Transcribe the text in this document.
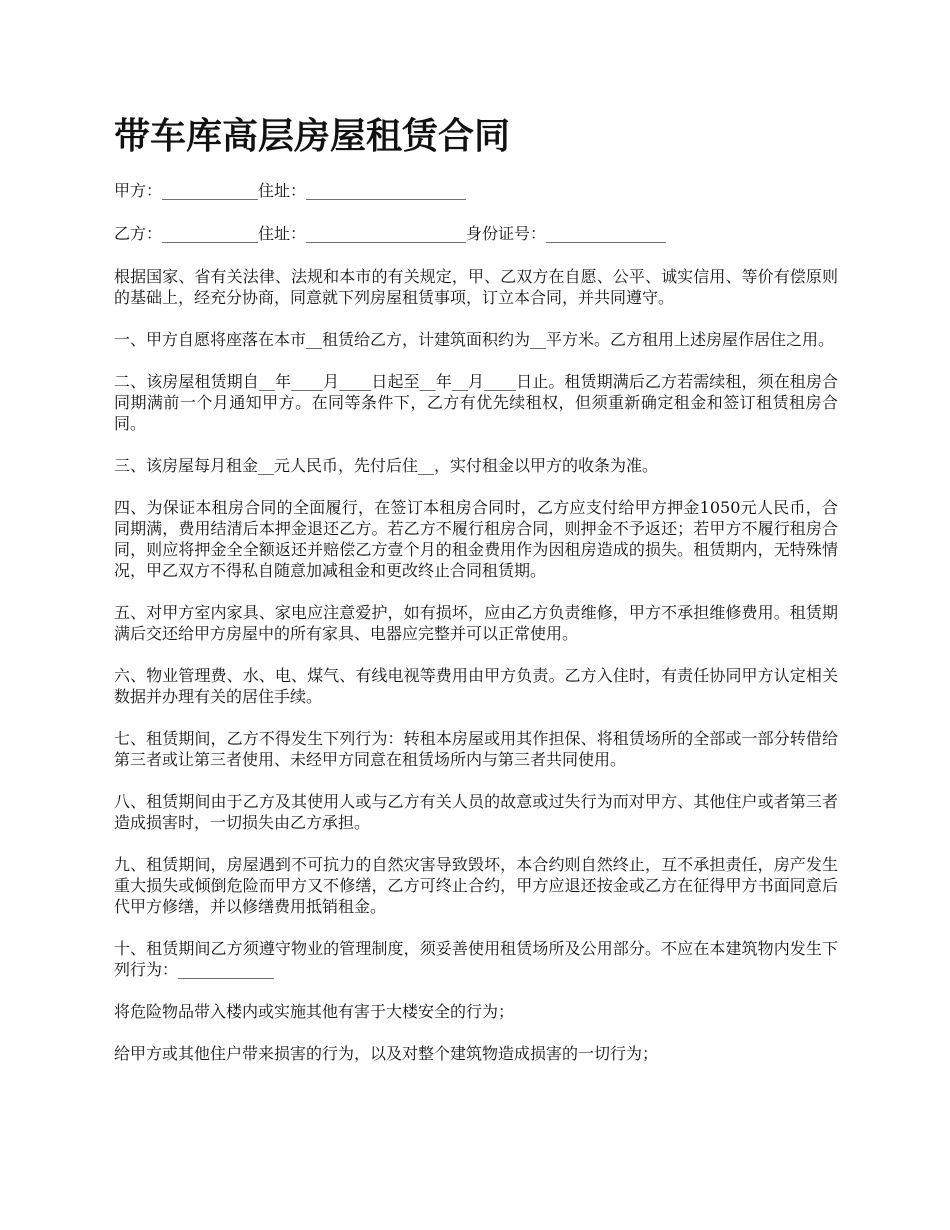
带车库高层房屋租赁合同
甲方：____________住址：____________________
乙方：____________住址：____________________身份证号：_______________

根据国家、省有关法律、法规和本市的有关规定，甲、乙双方在自愿、公平、诚实信用、等价有偿原则的基础上，经充分协商，同意就下列房屋租赁事项，订立本合同，并共同遵守。

一、甲方自愿将座落在本市__租赁给乙方，计建筑面积约为__平方米。乙方租用上述房屋作居住之用。

二、该房屋租赁期自__年____月____日起至__年__月____日止。租赁期满后乙方若需续租，须在租房合同期满前一个月通知甲方。在同等条件下，乙方有优先续租权，但须重新确定租金和签订租赁租房合同。

三、该房屋每月租金__元人民币，先付后住__，实付租金以甲方的收条为准。

四、为保证本租房合同的全面履行，在签订本租房合同时，乙方应支付给甲方押金1050元人民币，合同期满，费用结清后本押金退还乙方。若乙方不履行租房合同，则押金不予返还；若甲方不履行租房合同，则应将押金全全额返还并赔偿乙方壹个月的租金费用作为因租房造成的损失。租赁期内，无特殊情况，甲乙双方不得私自随意加减租金和更改终止合同租赁期。

五、对甲方室内家具、家电应注意爱护，如有损坏，应由乙方负责维修，甲方不承担维修费用。租赁期满后交还给甲方房屋中的所有家具、电器应完整并可以正常使用。

六、物业管理费、水、电、煤气、有线电视等费用由甲方负责。乙方入住时，有责任协同甲方认定相关数据并办理有关的居住手续。

七、租赁期间，乙方不得发生下列行为：转租本房屋或用其作担保、将租赁场所的全部或一部分转借给第三者或让第三者使用、未经甲方同意在租赁场所内与第三者共同使用。

八、租赁期间由于乙方及其使用人或与乙方有关人员的故意或过失行为而对甲方、其他住户或者第三者造成损害时，一切损失由乙方承担。

九、租赁期间，房屋遇到不可抗力的自然灾害导致毁坏，本合约则自然终止，互不承担责任，房产发生重大损失或倾倒危险而甲方又不修缮，乙方可终止合约，甲方应退还按金或乙方在征得甲方书面同意后代甲方修缮，并以修缮费用抵销租金。

十、租赁期间乙方须遵守物业的管理制度，须妥善使用租赁场所及公用部分。不应在本建筑物内发生下列行为：____________

将危险物品带入楼内或实施其他有害于大楼安全的行为；

给甲方或其他住户带来损害的行为，以及对整个建筑物造成损害的一切行为；
